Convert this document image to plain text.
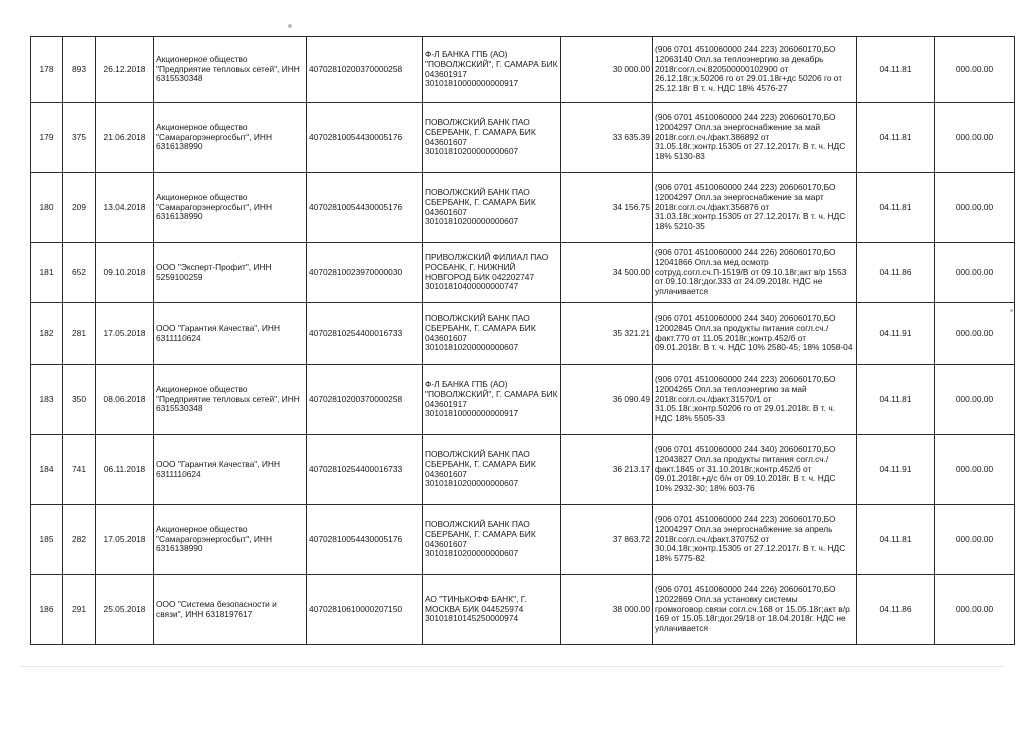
178	893	26.12.2018	Акционерное общество "Предприятие тепловых сетей", ИНН 6315530348	40702810200370000258	Ф-Л БАНКА ГПБ (АО) "ПОВОЛЖСКИЙ", Г. САМАРА БИК 043601917 30101810000000000917	30 000.00	(906 0701 4510060000 244 223) 206060170,БО 12063140 Опл.за теплоэнергию за декабрь 2018г.согл.сч.820500000102900 от 26.12.18г.;к.50206 го от 29.01.18г+дс 50206 го от 25.12.18г В т. ч. НДС 18% 4576-27	04.11.81	000.00.00
179	375	21.06.2018	Акционерное общество "Самарагорэнергосбыт", ИНН 6316138990	40702810054430005176	ПОВОЛЖСКИЙ БАНК ПАО СБЕРБАНК, Г. САМАРА БИК 043601607 30101810200000000607	33 635.39	(906 0701 4510060000 244 223) 206060170,БО 12004297 Опл.за энергоснабжение за май 2018г.согл.сч./факт.386892 от 31.05.18г.;контр.15305 от 27.12.2017г. В т. ч. НДС 18% 5130-83	04.11.81	000.00.00
180	209	13.04.2018	Акционерное общество "Самарагорэнергосбыт", ИНН 6316138990	40702810054430005176	ПОВОЛЖСКИЙ БАНК ПАО СБЕРБАНК, Г. САМАРА БИК 043601607 30101810200000000607	34 156.75	(906 0701 4510060000 244 223) 206060170,БО 12004297 Опл.за энергоснабжение за март 2018г.согл.сч./факт.356876 от 31.03.18г.;контр.15305 от 27.12.2017г. В т. ч. НДС 18% 5210-35	04.11.81	000.00.00
181	652	09.10.2018	ООО "Эксперт-Профит", ИНН 5259100259	40702810023970000030	ПРИВОЛЖСКИЙ ФИЛИАЛ ПАО РОСБАНК, Г. НИЖНИЙ НОВГОРОД БИК 042202747 30101810400000000747	34 500.00	(906 0701 4510060000 244 226) 206060170,БО 12041866 Опл.за мед.осмотр сотруд.согл.сч.П-1519/В от 09.10.18г;акт в/р 1553 от 09.10.18г;дог.333 от 24.09.2018г. НДС не уплачивается	04.11.86	000.00.00
182	281	17.05.2018	ООО "Гарантия Качества", ИНН 6311110624	40702810254400016733	ПОВОЛЖСКИЙ БАНК ПАО СБЕРБАНК, Г. САМАРА БИК 043601607 30101810200000000607	35 321.21	(906 0701 4510060000 244 340) 206060170,БО 12002845 Опл.за продукты питания согл.сч./факт.770 от 11.05.2018г.;контр.452/б от 09.01.2018г. В т. ч. НДС 10% 2580-45; 18% 1058-04	04.11.91	000.00.00
183	350	08.06.2018	Акционерное общество "Предприятие тепловых сетей", ИНН 6315530348	40702810200370000258	Ф-Л БАНКА ГПБ (АО) "ПОВОЛЖСКИЙ", Г. САМАРА БИК 043601917 30101810000000000917	36 090.49	(906 0701 4510060000 244 223) 206060170,БО 12004265 Опл.за теплоэнергию за май 2018г.согл.сч./факт.31570/1 от 31.05.18г.;контр.50206 го от 29.01.2018г. В т. ч. НДС 18% 5505-33	04.11.81	000.00.00
184	741	06.11.2018	ООО "Гарантия Качества", ИНН 6311110624	40702810254400016733	ПОВОЛЖСКИЙ БАНК ПАО СБЕРБАНК, Г. САМАРА БИК 043601607 30101810200000000607	36 213.17	(906 0701 4510060000 244 340) 206060170,БО 12043827 Опл.за продукты питания согл.сч./факт.1845 от 31.10.2018г.;контр.452/б от 09.01.2018г.+д/с б/н от 09.10.2018г. В т. ч. НДС 10% 2932-30; 18% 603-76	04.11.91	000.00.00
185	282	17.05.2018	Акционерное общество "Самарагорэнергосбыт", ИНН 6316138990	40702810054430005176	ПОВОЛЖСКИЙ БАНК ПАО СБЕРБАНК, Г. САМАРА БИК 043601607 30101810200000000607	37 863.72	(906 0701 4510060000 244 223) 206060170,БО 12004297 Опл.за энергоснабжение за апрель 2018г.согл.сч./факт.370752 от 30.04.18г.;контр.15305 от 27.12.2017г. В т. ч. НДС 18% 5775-82	04.11.81	000.00.00
186	291	25.05.2018	ООО "Система безопасности и связи", ИНН 6318197617	40702810610000207150	АО "ТИНЬКОФФ БАНК", Г. МОСКВА БИК 044525974 30101810145250000974	38 000.00	(906 0701 4510060000 244 226) 206060170,БО 12022869 Опл.за установку системы громкоговор.связи согл.сч.168 от 15.05.18г;акт в/р 169 от 15.05.18г;дог.29/18 от 18.04.2018г. НДС не уплачивается	04.11.86	000.00.00
